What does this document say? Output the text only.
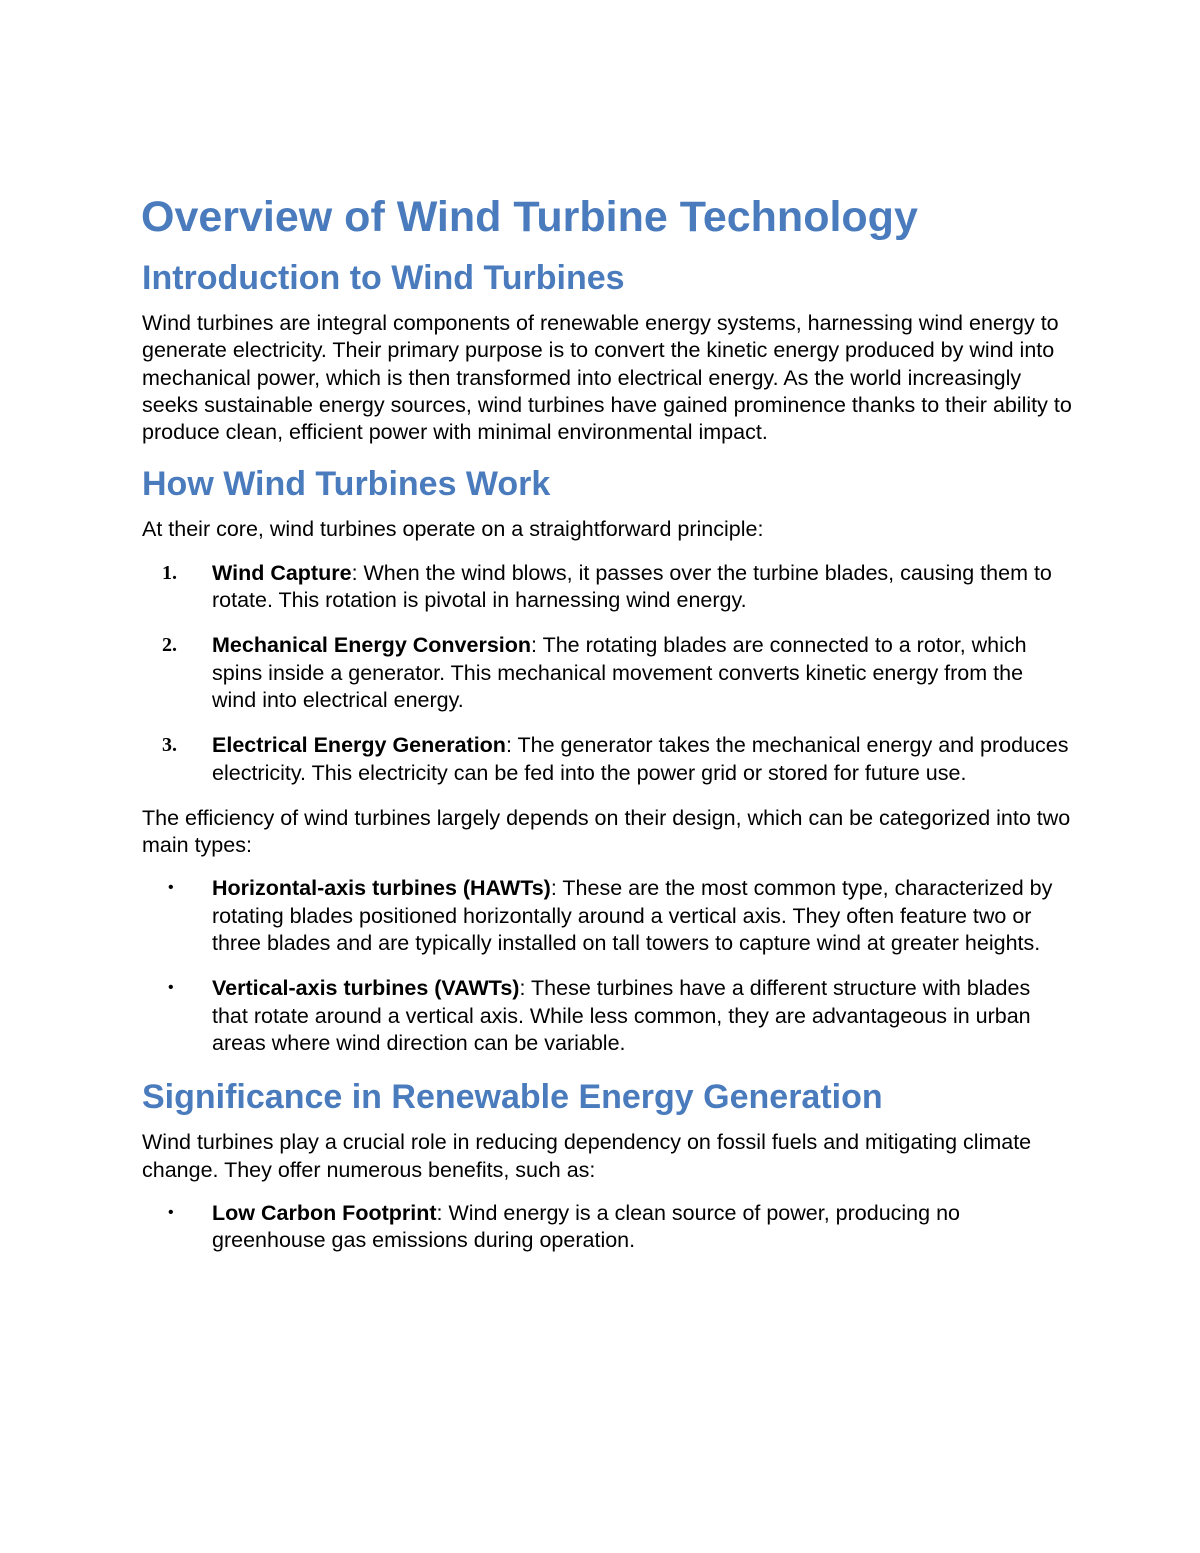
Overview of Wind Turbine Technology
Introduction to Wind Turbines

Wind turbines are integral components of renewable energy systems, harnessing wind energy to generate electricity. Their primary purpose is to convert the kinetic energy produced by wind into mechanical power, which is then transformed into electrical energy. As the world increasingly seeks sustainable energy sources, wind turbines have gained prominence thanks to their ability to produce clean, efficient power with minimal environmental impact.

How Wind Turbines Work

At their core, wind turbines operate on a straightforward principle:

1. Wind Capture: When the wind blows, it passes over the turbine blades, causing them to rotate. This rotation is pivotal in harnessing wind energy.
2. Mechanical Energy Conversion: The rotating blades are connected to a rotor, which spins inside a generator. This mechanical movement converts kinetic energy from the wind into electrical energy.
3. Electrical Energy Generation: The generator takes the mechanical energy and produces electricity. This electricity can be fed into the power grid or stored for future use.

The efficiency of wind turbines largely depends on their design, which can be categorized into two main types:

• Horizontal-axis turbines (HAWTs): These are the most common type, characterized by rotating blades positioned horizontally around a vertical axis. They often feature two or three blades and are typically installed on tall towers to capture wind at greater heights.
• Vertical-axis turbines (VAWTs): These turbines have a different structure with blades that rotate around a vertical axis. While less common, they are advantageous in urban areas where wind direction can be variable.
Significance in Renewable Energy Generation

Wind turbines play a crucial role in reducing dependency on fossil fuels and mitigating climate change. They offer numerous benefits, such as:

• Low Carbon Footprint: Wind energy is a clean source of power, producing no greenhouse gas emissions during operation.
